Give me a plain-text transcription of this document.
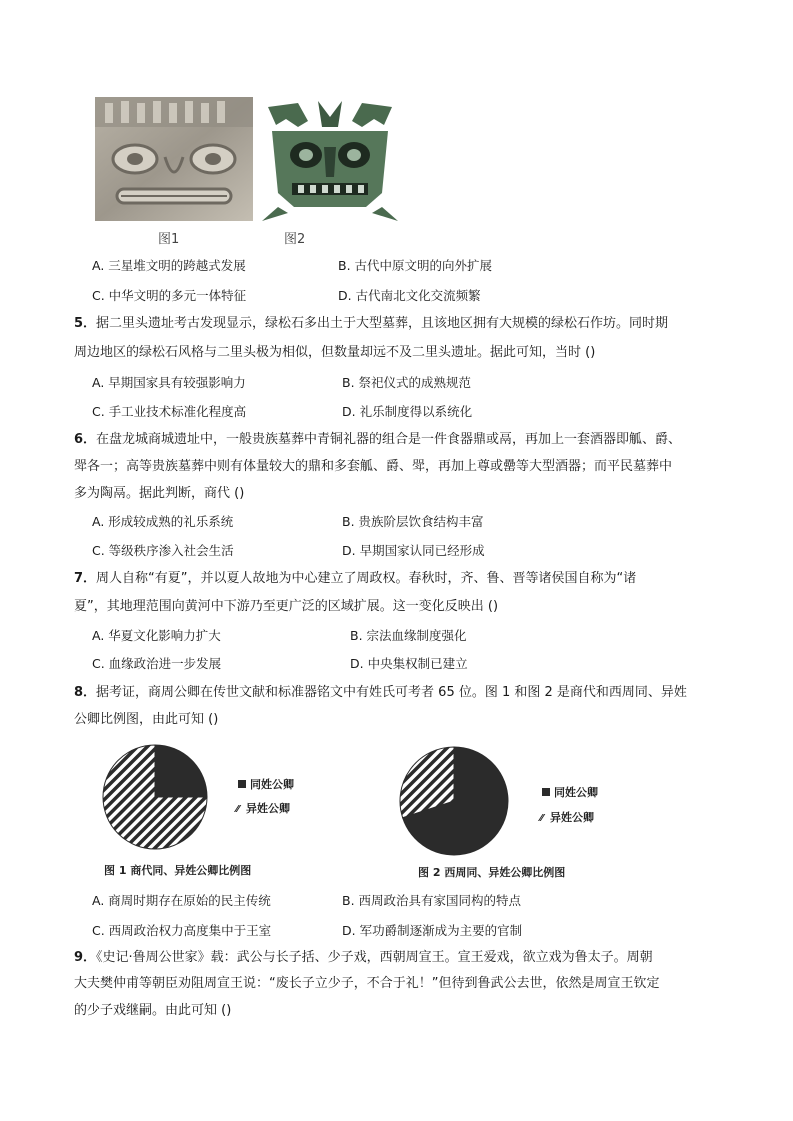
图1	图2
A. 三星堆文明的跨越式发展	B. 古代中原文明的向外扩展
C. 中华文明的多元一体特征	D. 古代南北文化交流频繁
5．据二里头遗址考古发现显示，绿松石多出土于大型墓葬，且该地区拥有大规模的绿松石作坊。同时期
周边地区的绿松石风格与二里头极为相似，但数量却远不及二里头遗址。据此可知，当时 ()
A. 早期国家具有较强影响力	B. 祭祀仪式的成熟规范
C. 手工业技术标准化程度高	D. 礼乐制度得以系统化
6．在盘龙城商城遗址中，一般贵族墓葬中青铜礼器的组合是一件食器鼎或鬲，再加上一套酒器即觚、爵、
斝各一；高等贵族墓葬中则有体量较大的鼎和多套觚、爵、斝，再加上尊或罍等大型酒器；而平民墓葬中
多为陶鬲。据此判断，商代 ()
A. 形成较成熟的礼乐系统	B. 贵族阶层饮食结构丰富
C. 等级秩序渗入社会生活	D. 早期国家认同已经形成
7．周人自称“有夏”，并以夏人故地为中心建立了周政权。春秋时，齐、鲁、晋等诸侯国自称为“诸
夏”，其地理范围向黄河中下游乃至更广泛的区域扩展。这一变化反映出 ()
A. 华夏文化影响力扩大	B. 宗法血缘制度强化
C. 血缘政治进一步发展	D. 中央集权制已建立
8．据考证，商周公卿在传世文献和标准器铭文中有姓氏可考者 65 位。图 1 和图 2 是商代和西周同、异姓
公卿比例图，由此可知 ()
同姓公卿
⁄⁄ 异姓公卿
图 1 商代同、异姓公卿比例图
同姓公卿
⁄⁄ 异姓公卿
图 2 西周同、异姓公卿比例图
A. 商周时期存在原始的民主传统	B. 西周政治具有家国同构的特点
C. 西周政治权力高度集中于王室	D. 军功爵制逐渐成为主要的官制
9．《史记·鲁周公世家》载：武公与长子括、少子戏，西朝周宣王。宣王爱戏，欲立戏为鲁太子。周朝
大夫樊仲甫等朝臣劝阻周宣王说：“废长子立少子，不合于礼！”但待到鲁武公去世，依然是周宣王钦定
的少子戏继嗣。由此可知 ()
